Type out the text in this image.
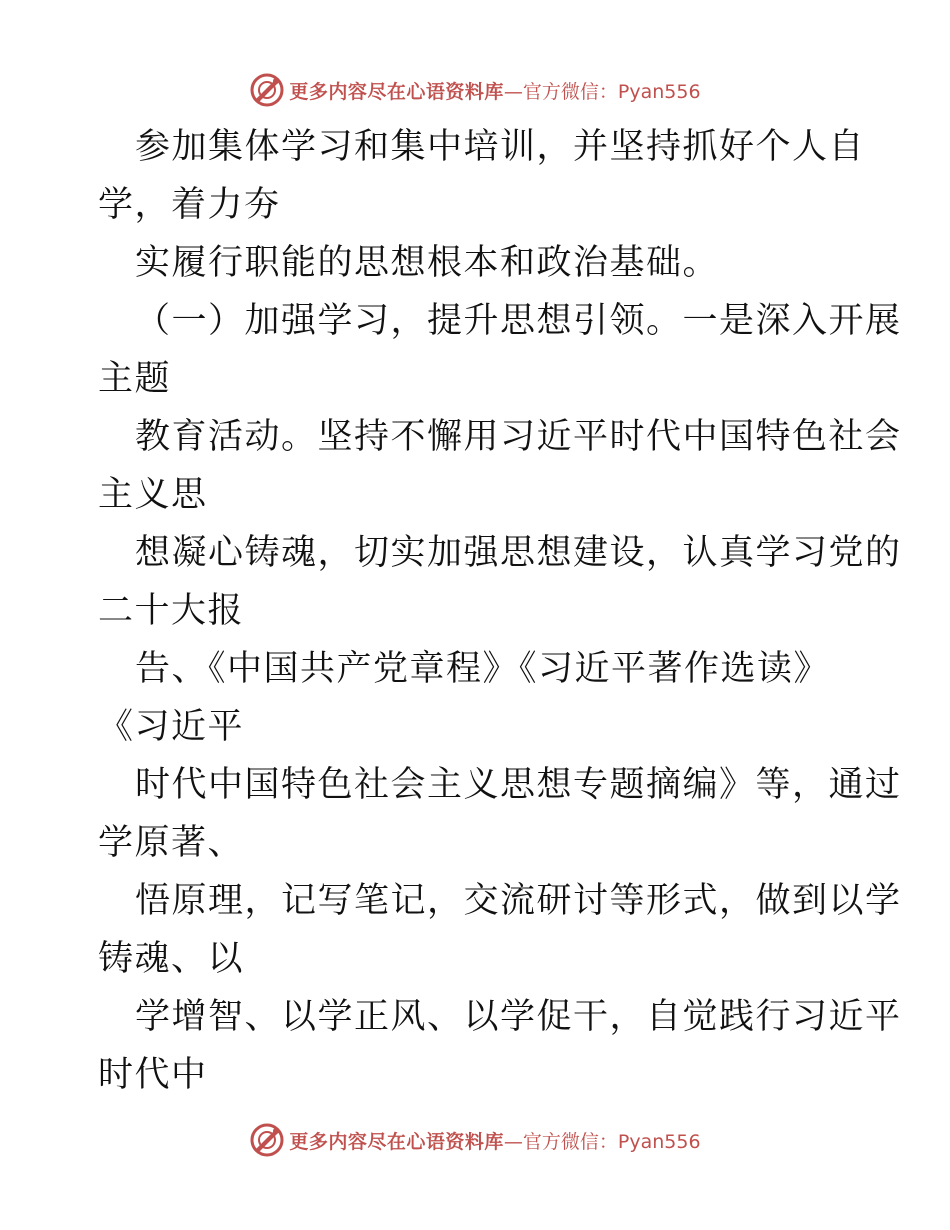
更多内容尽在心语资料库 —官方微信：Pyan556
参加集体学习和集中培训，并坚持抓好个人自
学，着力夯
实履行职能的思想根本和政治基础。
（一）加强学习，提升思想引领。一是深入开展
主题
教育活动。坚持不懈用习近平时代中国特色社会
主义思
想凝心铸魂，切实加强思想建设，认真学习党的
二十大报
告、《中国共产党章程》《习近平著作选读》
《习近平
时代中国特色社会主义思想专题摘编》等，通过
学原著、
悟原理，记写笔记，交流研讨等形式，做到以学
铸魂、以
学增智、以学正风、以学促干，自觉践行习近平
时代中
更多内容尽在心语资料库 —官方微信：Pyan556
